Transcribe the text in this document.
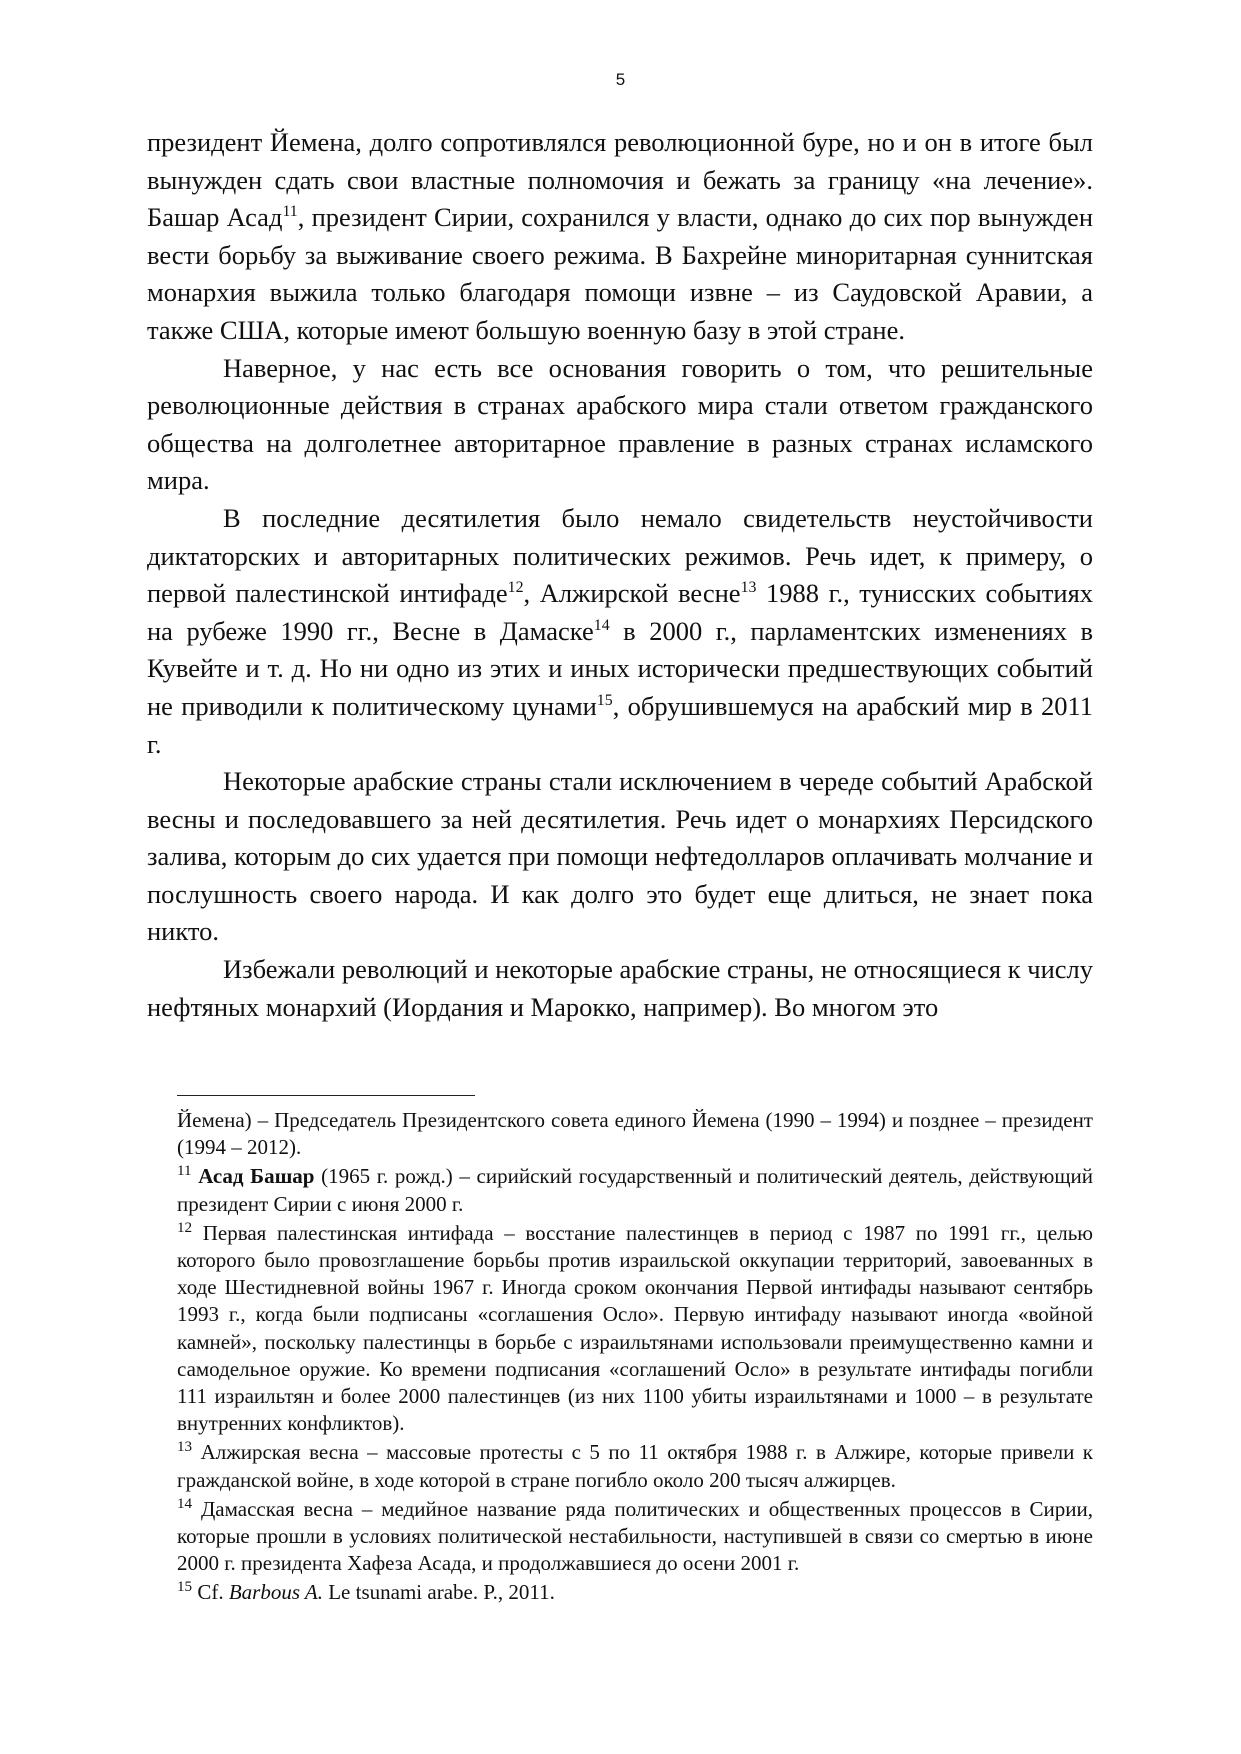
5

президент Йемена, долго сопротивлялся революционной буре, но и он в итоге был вынужден сдать свои властные полномочия и бежать за границу «на лечение». Башар Асад$^{11}$, президент Сирии, сохранился у власти, однако до сих пор вынужден вести борьбу за выживание своего режима. В Бахрейне миноритарная суннитская монархия выжила только благодаря помощи извне – из Саудовской Аравии, а также США, которые имеют большую военную базу в этой стране.

Наверное, у нас есть все основания говорить о том, что решительные революционные действия в странах арабского мира стали ответом гражданского общества на долголетнее авторитарное правление в разных странах исламского мира.

В последние десятилетия было немало свидетельств неустойчивости диктаторских и авторитарных политических режимов. Речь идет, к примеру, о первой палестинской интифаде$^{12}$, Алжирской весне$^{13}$ 1988 г., тунисских событиях на рубеже 1990 гг., Весне в Дамаске$^{14}$ в 2000 г., парламентских изменениях в Кувейте и т. д. Но ни одно из этих и иных исторически предшествующих событий не приводили к политическому цунами$^{15}$, обрушившемуся на арабский мир в 2011 г.

Некоторые арабские страны стали исключением в череде событий Арабской весны и последовавшего за ней десятилетия. Речь идет о монархиях Персидского залива, которым до сих удается при помощи нефтедолларов оплачивать молчание и послушность своего народа. И как долго это будет еще длиться, не знает пока никто.

Избежали революций и некоторые арабские страны, не относящиеся к числу нефтяных монархий (Иордания и Марокко, например). Во многом это

Йемена) – Председатель Президентского совета единого Йемена (1990 – 1994) и позднее – президент (1994 – 2012).

$^{11}$ Асад Башар (1965 г. рожд.) – сирийский государственный и политический деятель, действующий президент Сирии с июня 2000 г.

$^{12}$ Первая палестинская интифада – восстание палестинцев в период с 1987 по 1991 гг., целью которого было провозглашение борьбы против израильской оккупации территорий, завоеванных в ходе Шестидневной войны 1967 г. Иногда сроком окончания Первой интифады называют сентябрь 1993 г., когда были подписаны «соглашения Осло». Первую интифаду называют иногда «войной камней», поскольку палестинцы в борьбе с израильтянами использовали преимущественно камни и самодельное оружие. Ко времени подписания «соглашений Осло» в результате интифады погибли 111 израильтян и более 2000 палестинцев (из них 1100 убиты израильтянами и 1000 – в результате внутренних конфликтов).

$^{13}$ Алжирская весна – массовые протесты с 5 по 11 октября 1988 г. в Алжире, которые привели к гражданской войне, в ходе которой в стране погибло около 200 тысяч алжирцев.

$^{14}$ Дамасская весна – медийное название ряда политических и общественных процессов в Сирии, которые прошли в условиях политической нестабильности, наступившей в связи со смертью в июне 2000 г. президента Хафеза Асада, и продолжавшиеся до осени 2001 г.

$^{15}$ Cf. Barbous A. Le tsunami arabe. P., 2011.
